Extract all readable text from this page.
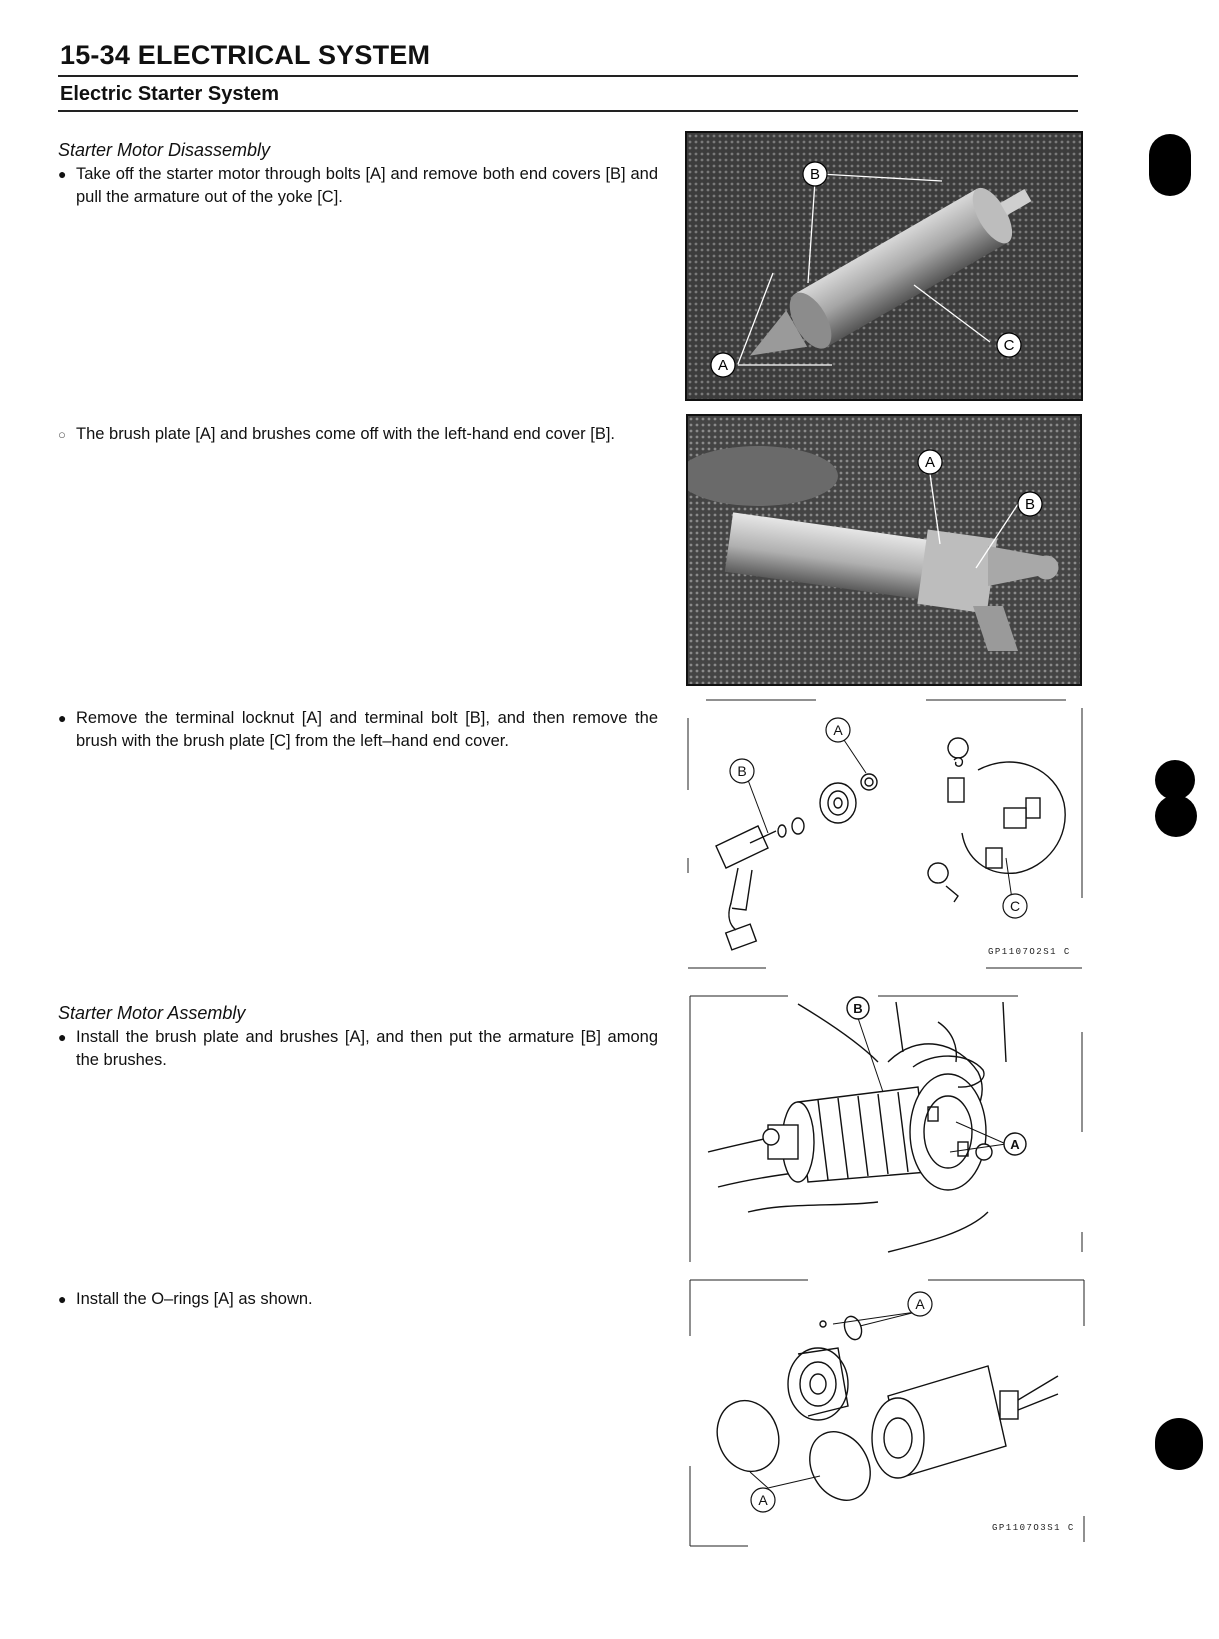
15-34 ELECTRICAL SYSTEM
Electric Starter System
Starter Motor Disassembly
● Take off the starter motor through bolts [A] and remove both end covers [B] and pull the armature out of the yoke [C].
○ The brush plate [A] and brushes come off with the left-hand end cover [B].
● Remove the terminal locknut [A] and terminal bolt [B], and then remove the brush with the brush plate [C] from the left–hand end cover.
Starter Motor Assembly
● Install the brush plate and brushes [A], and then put the armature [B] among the brushes.
● Install the O–rings [A] as shown.
B
A
C
A
B
A
B
C
GP1107O2S1 C
B
A
A
A
GP1107O3S1 C
